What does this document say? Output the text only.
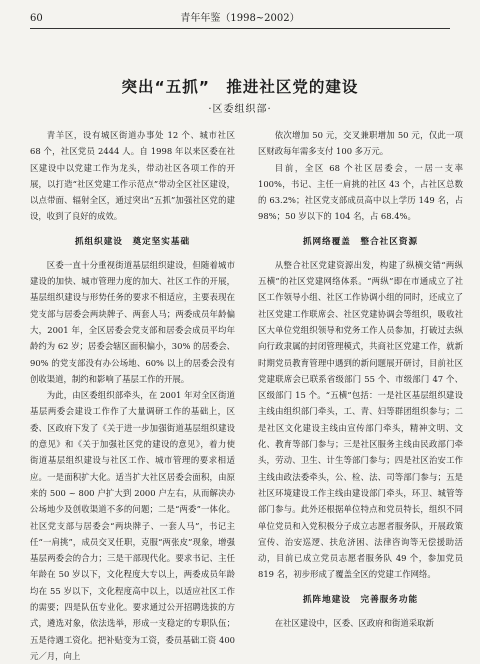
60	青年年鉴（1998~2002）
突出“五抓”　推进社区党的建设
·区委组织部·

青羊区，设有城区街道办事处 12 个、城市社区 68 个，社区党员 2444 人。自 1998 年以来区委在社区建设中以党建工作为龙头，带动社区各项工作的开展，以打造“社区党建工作示范点”带动全区社区建设，以点带面、辐射全区，通过突出“五抓”加强社区党的建设，收到了良好的成效。

抓组织建设　奠定坚实基础

区委一直十分重视街道基层组织建设，但随着城市建设的加快、城市管理力度的加大、社区工作的开展，基层组织建设与形势任务的要求不相适应，主要表现在党支部与居委会两块牌子、两套人马；两委成员年龄偏大，2001 年，全区居委会党支部和居委会成员平均年龄约为 62 岁；居委会辖区面积偏小，30% 的居委会、90% 的党支部没有办公场地、60% 以上的居委会没有创收渠道，制约和影响了基层工作的开展。

为此，由区委组织部牵头，在 2001 年对全区街道基层两委会建设工作作了大量调研工作的基础上，区委、区政府下发了《关于进一步加强街道基层组织建设的意见》和《关于加强社区党的建设的意见》，着力使街道基层组织建设与社区工作、城市管理的要求相适应。一是面积扩大化。适当扩大社区居委会面积，由原来的 500 ~ 800 户扩大到 2000 户左右，从而解决办公场地少及创收渠道不多的问题；二是“两委”一体化。社区党支部与居委会“两块牌子、一套人马”，书记主任“一肩挑”，成员交叉任职，克服“两张皮”现象，增强基层两委会的合力；三是干部现代化。要求书记、主任年龄在 50 岁以下，文化程度大专以上，两委成员年龄均在 55 岁以下，文化程度高中以上，以适应社区工作的需要；四是队伍专业化。要求通过公开招聘选拔的方式，遴选对象，依法选举，形成一支稳定的专职队伍；五是待遇工资化。把补贴变为工资，委员基础工资 400 元／月，向上

依次增加 50 元，交叉兼职增加 50 元，仅此一项区财政每年需多支付 100 多万元。

目前，全区 68 个社区居委会，一居一支率 100%，书记、主任一肩挑的社区 43 个，占社区总数的 63.2%；社区党支部成员高中以上学历 149 名，占 98%；50 岁以下的 104 名，占 68.4%。

抓网络覆盖　整合社区资源

从整合社区党建资源出发，构建了纵横交错“两纵五横”的社区党建网络体系。“两纵”即在市通成立了社区工作领导小组、社区工作协调小组的同时，还成立了社区党建工作联席会、社区党建协调会等组织，吸收社区大单位党组织领导和党务工作人员参加，打破过去纵向行政隶属的封闭管理模式，共商社区党建工作，就新时期党员教育管理中遇到的新问题展开研讨，目前社区党建联席会已联系省级部门 55 个、市级部门 47 个、区级部门 15 个。“五横”包括：一是社区基层组织建设主线由组织部门牵头，工、青、妇等群团组织参与；二是社区文化建设主线由宣传部门牵头，精神文明、文化、教育等部门参与；三是社区服务主线由民政部门牵头，劳动、卫生、计生等部门参与；四是社区治安工作主线由政法委牵头，公、检、法、司等部门参与；五是社区环境建设工作主线由建设部门牵头，环卫、城管等部门参与。此外还根据单位特点和党员特长，组织不同单位党员和入党积极分子成立志愿者服务队，开展政策宣传、治安巡逻、扶危济困、法律咨询等无偿援助活动，目前已成立党员志愿者服务队 49 个，参加党员 819 名，初步形成了覆盖全区的党建工作网络。

抓阵地建设　完善服务功能

在社区建设中，区委、区政府和街道采取新
